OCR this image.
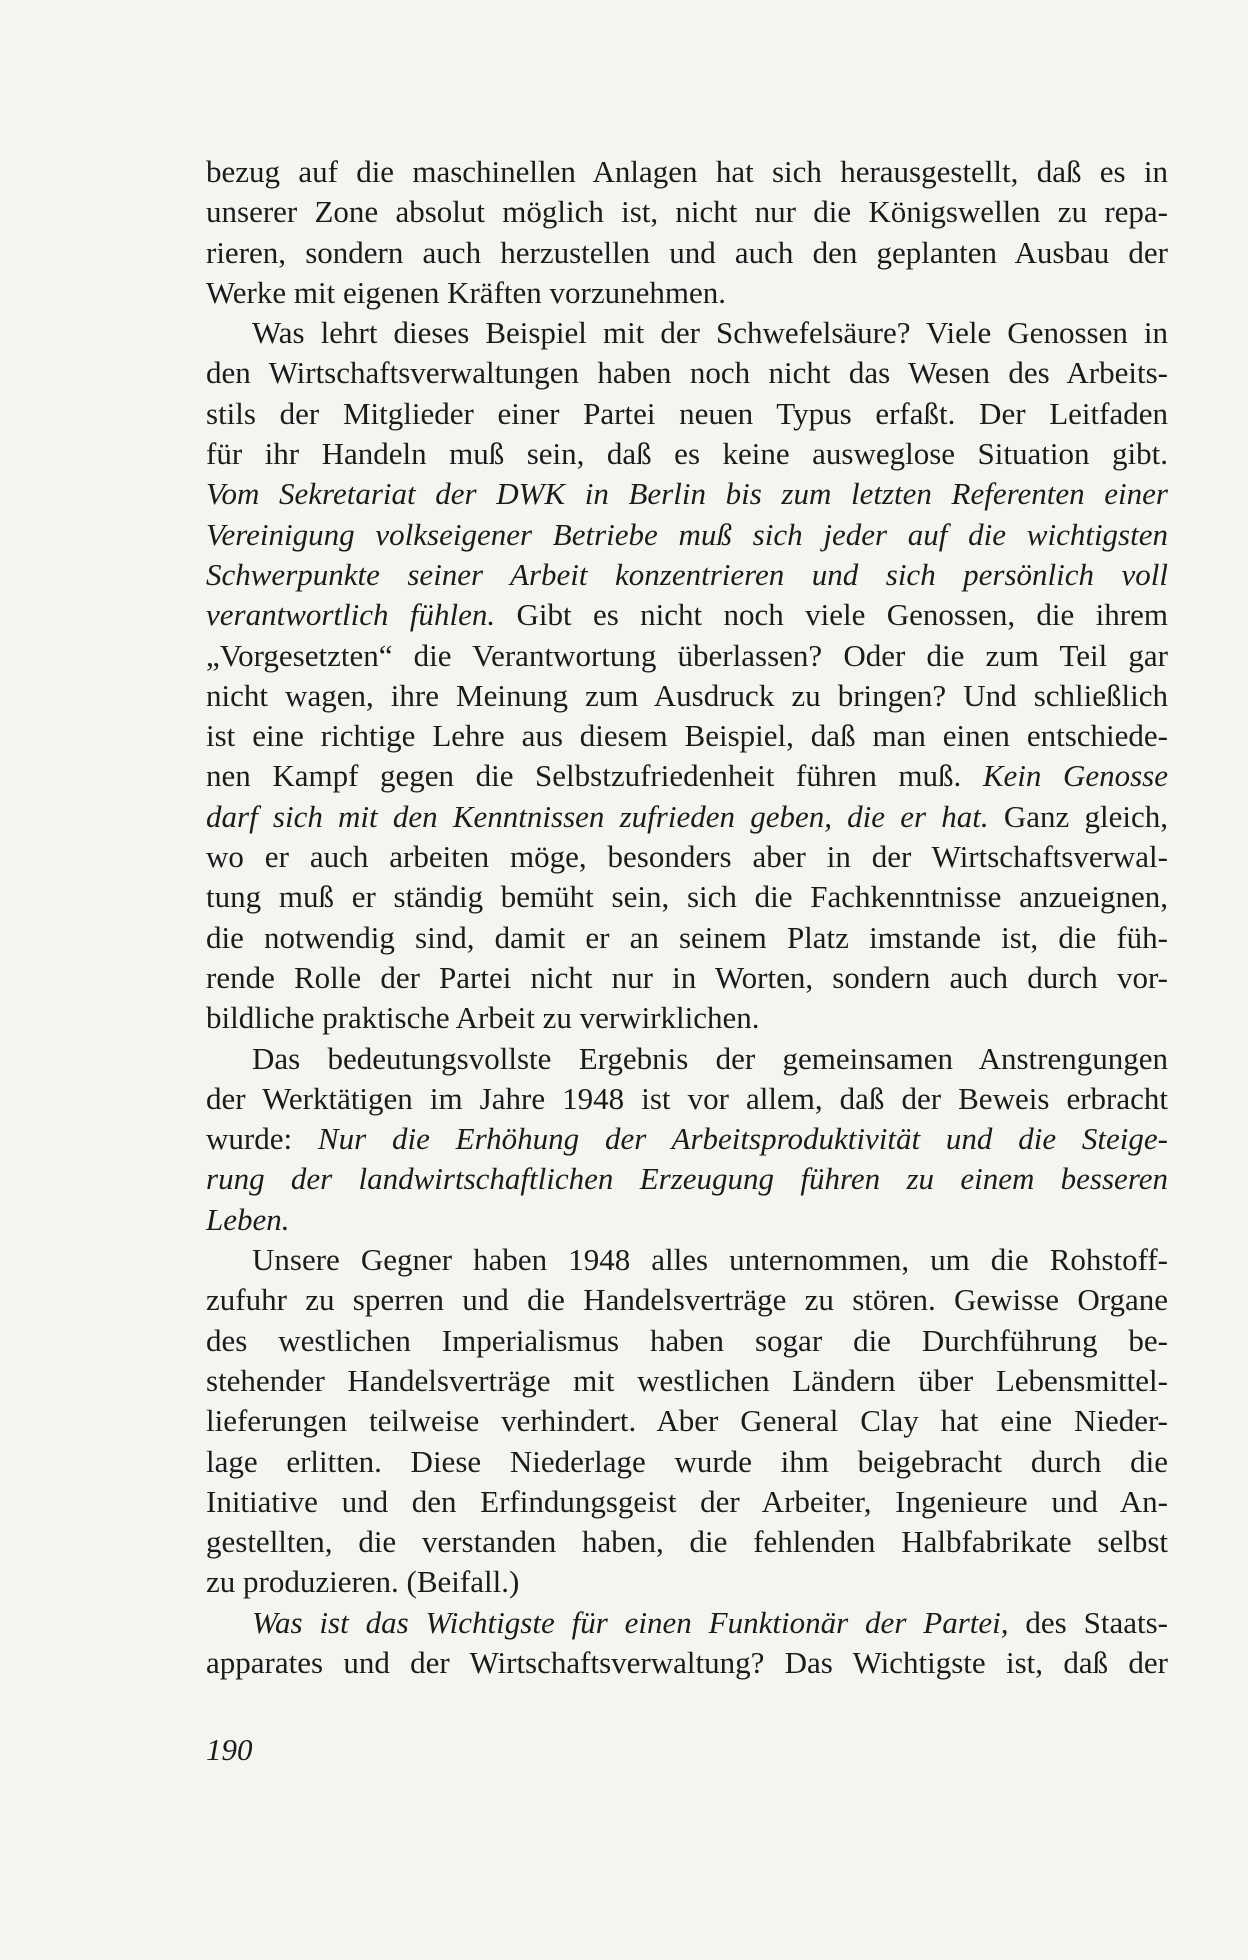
bezug auf die maschinellen Anlagen hat sich herausgestellt, daß es in
unserer Zone absolut möglich ist, nicht nur die Königswellen zu repa-
rieren, sondern auch herzustellen und auch den geplanten Ausbau der
Werke mit eigenen Kräften vorzunehmen.
Was lehrt dieses Beispiel mit der Schwefelsäure? Viele Genossen in
den Wirtschaftsverwaltungen haben noch nicht das Wesen des Arbeits-
stils der Mitglieder einer Partei neuen Typus erfaßt. Der Leitfaden
für ihr Handeln muß sein, daß es keine ausweglose Situation gibt.
Vom Sekretariat der DWK in Berlin bis zum letzten Referenten einer
Vereinigung volkseigener Betriebe muß sich jeder auf die wichtigsten
Schwerpunkte seiner Arbeit konzentrieren und sich persönlich voll
verantwortlich fühlen. Gibt es nicht noch viele Genossen, die ihrem
„Vorgesetzten“ die Verantwortung überlassen? Oder die zum Teil gar
nicht wagen, ihre Meinung zum Ausdruck zu bringen? Und schließlich
ist eine richtige Lehre aus diesem Beispiel, daß man einen entschiede-
nen Kampf gegen die Selbstzufriedenheit führen muß. Kein Genosse
darf sich mit den Kenntnissen zufrieden geben, die er hat. Ganz gleich,
wo er auch arbeiten möge, besonders aber in der Wirtschaftsverwal-
tung muß er ständig bemüht sein, sich die Fachkenntnisse anzueignen,
die notwendig sind, damit er an seinem Platz imstande ist, die füh-
rende Rolle der Partei nicht nur in Worten, sondern auch durch vor-
bildliche praktische Arbeit zu verwirklichen.
Das bedeutungsvollste Ergebnis der gemeinsamen Anstrengungen
der Werktätigen im Jahre 1948 ist vor allem, daß der Beweis erbracht
wurde: Nur die Erhöhung der Arbeitsproduktivität und die Steige-
rung der landwirtschaftlichen Erzeugung führen zu einem besseren
Leben.
Unsere Gegner haben 1948 alles unternommen, um die Rohstoff-
zufuhr zu sperren und die Handelsverträge zu stören. Gewisse Organe
des westlichen Imperialismus haben sogar die Durchführung be-
stehender Handelsverträge mit westlichen Ländern über Lebensmittel-
lieferungen teilweise verhindert. Aber General Clay hat eine Nieder-
lage erlitten. Diese Niederlage wurde ihm beigebracht durch die
Initiative und den Erfindungsgeist der Arbeiter, Ingenieure und An-
gestellten, die verstanden haben, die fehlenden Halbfabrikate selbst
zu produzieren. (Beifall.)
Was ist das Wichtigste für einen Funktionär der Partei, des Staats-
apparates und der Wirtschaftsverwaltung? Das Wichtigste ist, daß der
190
